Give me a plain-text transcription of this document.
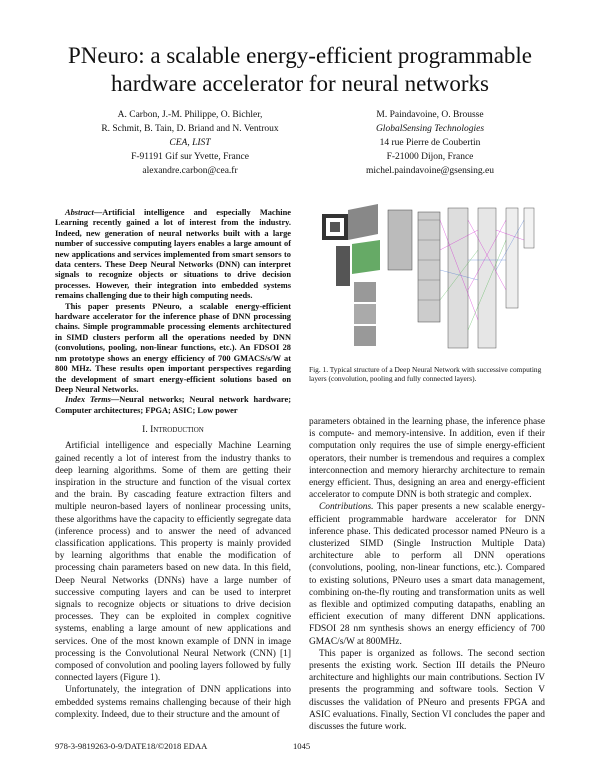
PNeuro: a scalable energy-efficient programmable
hardware accelerator for neural networks
A. Carbon, J.-M. Philippe, O. Bichler,
R. Schmit, B. Tain, D. Briand and N. Ventroux
CEA, LIST
F-91191 Gif sur Yvette, France
alexandre.carbon@cea.fr
M. Paindavoine, O. Brousse
GlobalSensing Technologies
14 rue Pierre de Coubertin
F-21000 Dijon, France
michel.paindavoine@gsensing.eu

Abstract—Artificial intelligence and especially Machine Learning recently gained a lot of interest from the industry. Indeed, new generation of neural networks built with a large number of successive computing layers enables a large amount of new applications and services implemented from smart sensors to data centers. These Deep Neural Networks (DNN) can interpret signals to recognize objects or situations to drive decision processes. However, their integration into embedded systems remains challenging due to their high computing needs.

This paper presents PNeuro, a scalable energy-efficient hardware accelerator for the inference phase of DNN processing chains. Simple programmable processing elements architectured in SIMD clusters perform all the operations needed by DNN (convolutions, pooling, non-linear functions, etc.). An FDSOI 28 nm prototype shows an energy efficiency of 700 GMACS/s/W at 800 MHz. These results open important perspectives regarding the development of smart energy-efficient solutions based on Deep Neural Networks.

Index Terms—Neural networks; Neural network hardware; Computer architectures; FPGA; ASIC; Low power

I. Introduction

Artificial intelligence and especially Machine Learning gained recently a lot of interest from the industry thanks to deep learning algorithms. Some of them are getting their inspiration in the structure and function of the visual cortex and the brain. By cascading feature extraction filters and multiple neuron-based layers of nonlinear processing units, these algorithms have the capacity to efficiently segregate data (inference process) and to answer the need of advanced classification applications. This property is mainly provided by learning algorithms that enable the modification of processing chain parameters based on new data. In this field, Deep Neural Networks (DNNs) have a large number of successive computing layers and can be used to interpret signals to recognize objects or situations to drive decision processes. They can be exploited in complex cognitive systems, enabling a large amount of new applications and services. One of the most known example of DNN in image processing is the Convolutional Neural Network (CNN) [1] composed of convolution and pooling layers followed by fully connected layers (Figure 1).

Unfortunately, the integration of DNN applications into embedded systems remains challenging because of their high complexity. Indeed, due to their structure and the amount of

Fig. 1. Typical structure of a Deep Neural Network with successive computing layers (convolution, pooling and fully connected layers).

parameters obtained in the learning phase, the inference phase is compute- and memory-intensive. In addition, even if their computation only requires the use of simple energy-efficient operators, their number is tremendous and requires a complex interconnection and memory hierarchy architecture to remain energy efficient. Thus, designing an area and energy-efficient accelerator to compute DNN is both strategic and complex.

Contributions. This paper presents a new scalable energy-efficient programmable hardware accelerator for DNN inference phase. This dedicated processor named PNeuro is a clusterized SIMD (Single Instruction Multiple Data) architecture able to perform all DNN operations (convolutions, pooling, non-linear functions, etc.). Compared to existing solutions, PNeuro uses a smart data management, combining on-the-fly routing and transformation units as well as flexible and optimized computing datapaths, enabling an efficient execution of many different DNN applications. FDSOI 28 nm synthesis shows an energy efficiency of 700 GMAC/s/W at 800MHz.

This paper is organized as follows. The second section presents the existing work. Section III details the PNeuro architecture and highlights our main contributions. Section IV presents the programming and software tools. Section V discusses the validation of PNeuro and presents FPGA and ASIC evaluations. Finally, Section VI concludes the paper and discusses the future work.

978-3-9819263-0-9/DATE18/©2018 EDAA	1045
